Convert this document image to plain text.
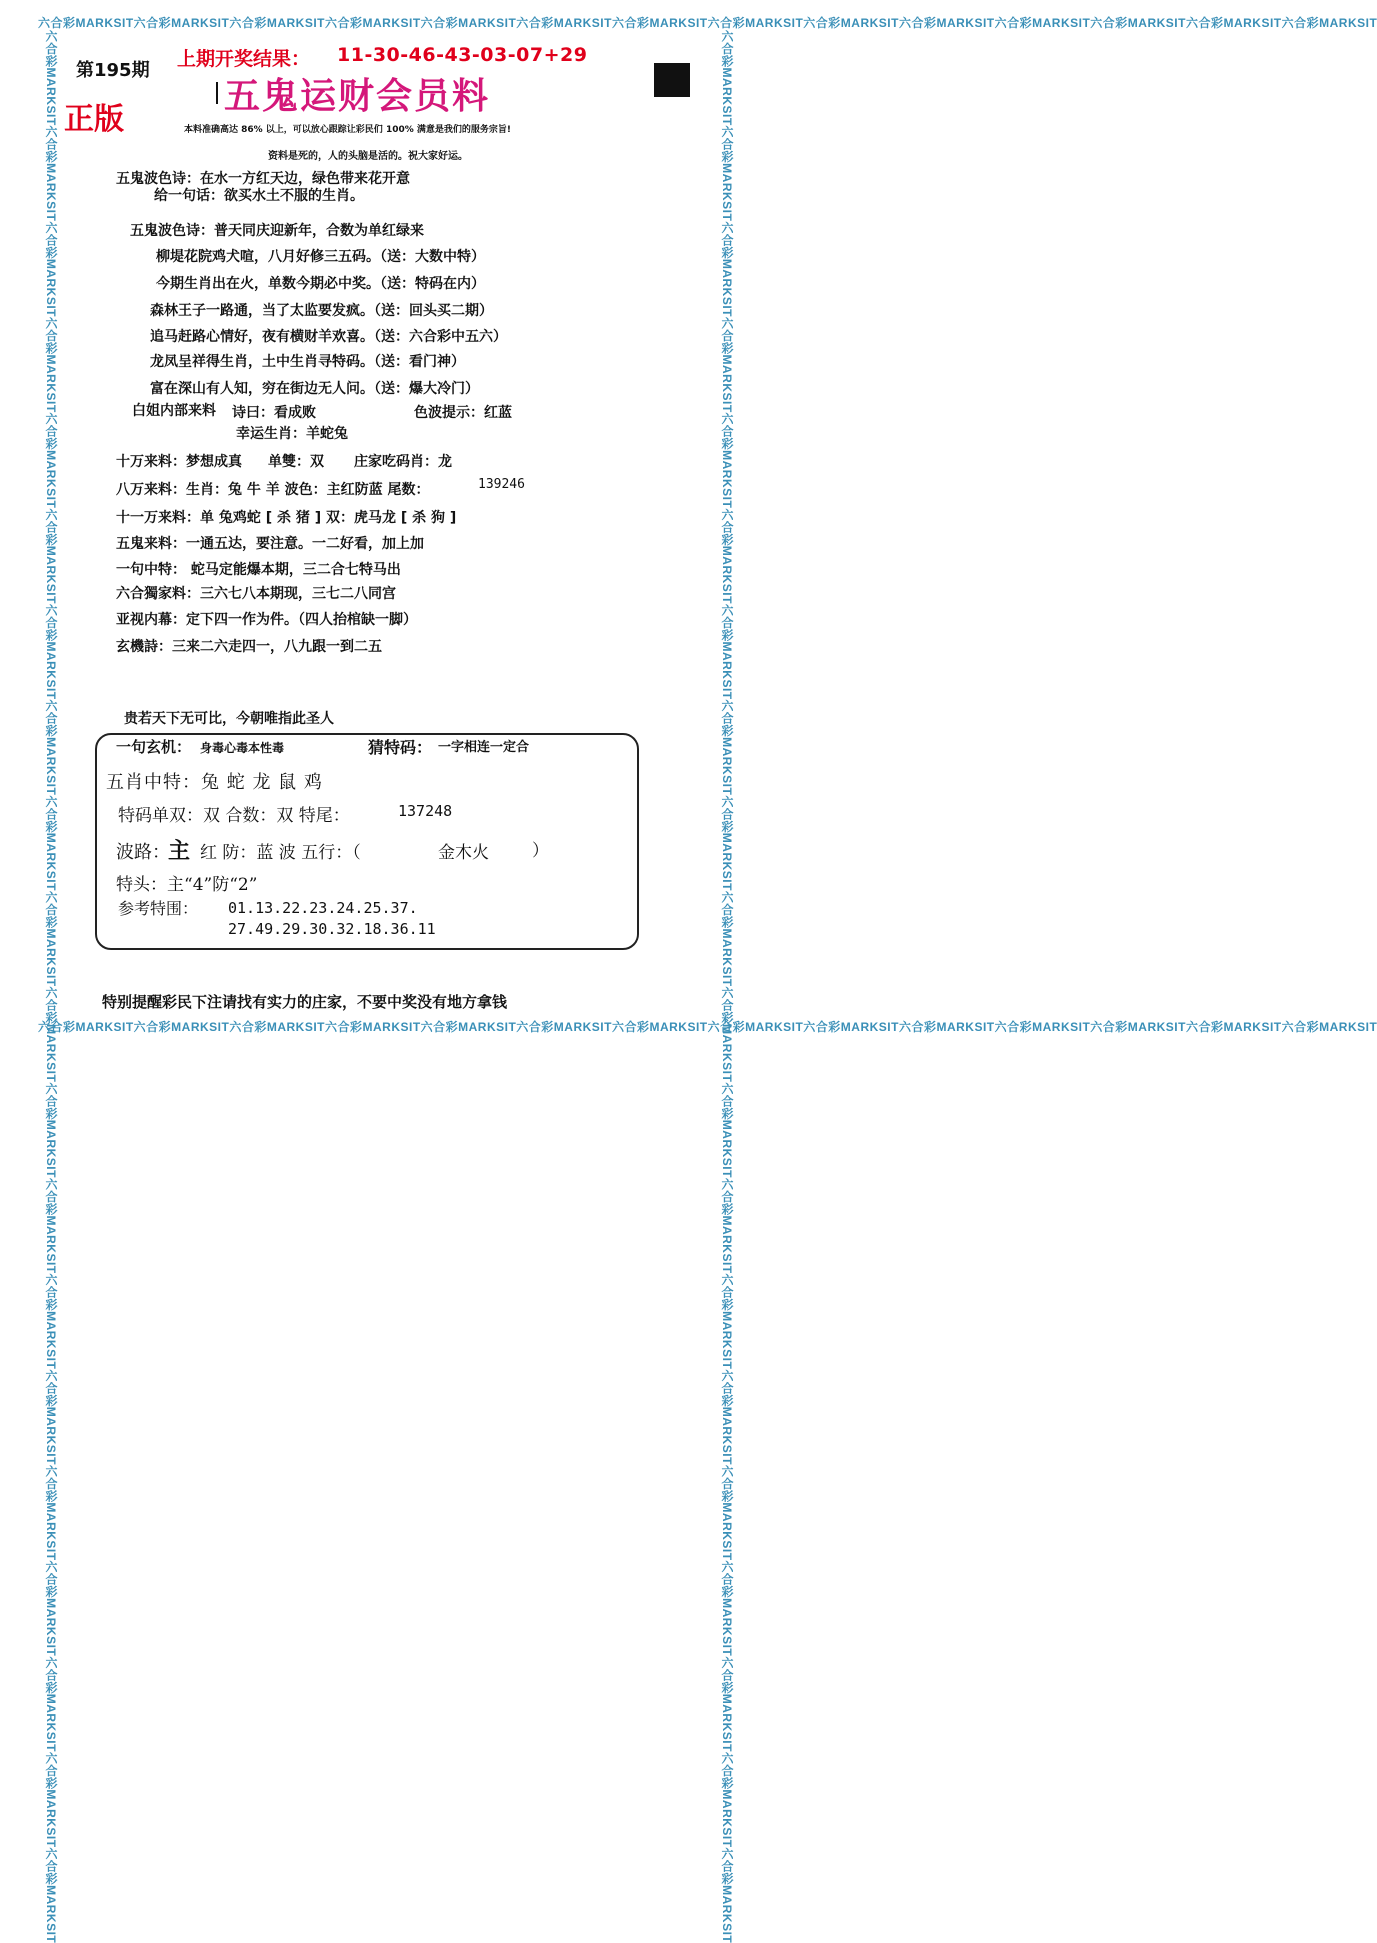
六合彩MARKSIT六合彩MARKSIT六合彩MARKSIT六合彩MARKSIT六合彩MARKSIT六合彩MARKSIT六合彩MARKSIT六合彩MARKSIT六合彩MARKSIT六合彩MARKSIT六合彩MARKSIT六合彩MARKSIT六合彩MARKSIT六合彩MARKSIT
六合彩MARKSIT六合彩MARKSIT六合彩MARKSIT六合彩MARKSIT六合彩MARKSIT六合彩MARKSIT六合彩MARKSIT六合彩MARKSIT六合彩MARKSIT六合彩MARKSIT六合彩MARKSIT六合彩MARKSIT六合彩MARKSIT六合彩MARKSIT
六合彩MARKSIT六合彩MARKSIT六合彩MARKSIT六合彩MARKSIT六合彩MARKSIT六合彩MARKSIT六合彩MARKSIT六合彩MARKSIT六合彩MARKSIT六合彩MARKSIT六合彩MARKSIT六合彩MARKSIT六合彩MARKSIT六合彩MARKSIT六合彩MARKSIT六合彩MARKSIT六合彩MARKSIT六合彩MARKSIT六合彩MARKSIT六合彩MARKSIT	六合彩MARKSIT六合彩MARKSIT六合彩MARKSIT六合彩MARKSIT六合彩MARKSIT六合彩MARKSIT六合彩MARKSIT六合彩MARKSIT六合彩MARKSIT六合彩MARKSIT六合彩MARKSIT六合彩MARKSIT六合彩MARKSIT六合彩MARKSIT六合彩MARKSIT六合彩MARKSIT六合彩MARKSIT六合彩MARKSIT六合彩MARKSIT六合彩MARKSIT
第195期
上期开奖结果： 11-30-46-43-03-07+29
五鬼运财会员料
正版	本料准确高达 86% 以上，可以放心跟踪让彩民们 100% 满意是我们的服务宗旨!
资料是死的，人的头脑是活的。祝大家好运。
五鬼波色诗：在水一方红天边，绿色带来花开意
给一句话：欲买水土不服的生肖。
五鬼波色诗：普天同庆迎新年，合数为单红绿来
柳堤花院鸡犬喧，八月好修三五码。（送：大数中特）
今期生肖出在火，单数今期必中奖。（送：特码在内）
森林王子一路通，当了太监要发疯。（送：回头买二期）
追马赶路心情好，夜有横财羊欢喜。（送：六合彩中五六）
龙凤呈祥得生肖，土中生肖寻特码。（送：看门神）
富在深山有人知，穷在街边无人问。（送：爆大冷门）
白姐内部来料 诗曰：看成败	色波提示：红蓝
幸运生肖：羊蛇兔
十万来料：梦想成真 单雙：双 庄家吃码肖：龙
八万来料：生肖：兔 牛 羊 波色：主红防蓝 尾数：	139246
十一万来料：单 兔鸡蛇 [ 杀 猪 ] 双：虎马龙 [ 杀 狗 ]
五鬼来料：一通五达，要注意。一二好看，加上加
一句中特： 蛇马定能爆本期，三二合七特马出
六合獨家料：三六七八本期现，三七二八同宫
亚视内幕：定下四一作为件。（四人抬棺缺一脚）
玄機詩：三来二六走四一，八九跟一到二五
贵若天下无可比，今朝唯指此圣人
一句玄机： 身毒心毒本性毒	猜特码： 一字相连一定合
五肖中特：兔 蛇 龙 鼠 鸡
特码单双：双 合数：双 特尾：	137248
波路：
主 红 防：蓝 波 五行：（	金木火	）
特头：主“4”防“2”
参考特围： 01.13.22.23.24.25.37.
27.49.29.30.32.18.36.11
特别提醒彩民下注请找有实力的庄家，不要中奖没有地方拿钱
